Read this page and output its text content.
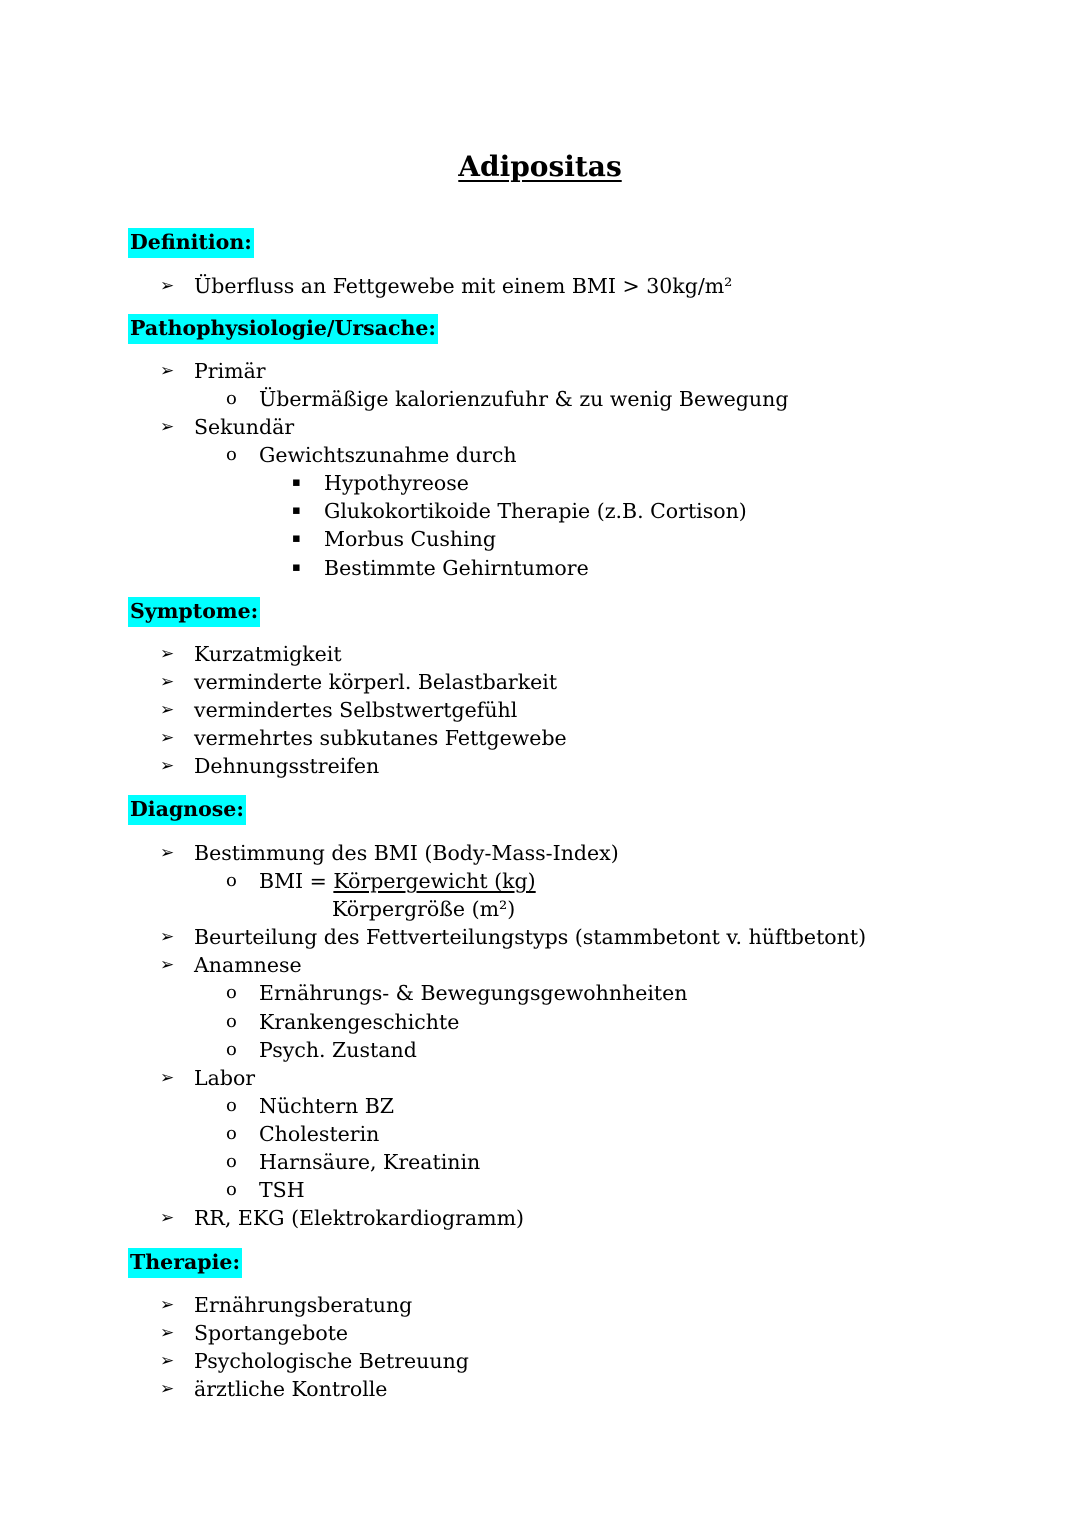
Adipositas
Definition:
➢ Überfluss an Fettgewebe mit einem BMI > 30kg/m²
Pathophysiologie/Ursache:
➢ Primär
o Übermäßige kalorienzufuhr & zu wenig Bewegung
➢ Sekundär
o Gewichtszunahme durch
▪ Hypothyreose
▪ Glukokortikoide Therapie (z.B. Cortison)
▪ Morbus Cushing
▪ Bestimmte Gehirntumore
Symptome:
➢ Kurzatmigkeit
➢ verminderte körperl. Belastbarkeit
➢ vermindertes Selbstwertgefühl
➢ vermehrtes subkutanes Fettgewebe
➢ Dehnungsstreifen
Diagnose:
➢ Bestimmung des BMI (Body-Mass-Index)
o BMI = Körpergewicht (kg)
Körpergröße (m²)
➢ Beurteilung des Fettverteilungstyps (stammbetont v. hüftbetont)
➢ Anamnese
o Ernährungs- & Bewegungsgewohnheiten
o Krankengeschichte
o Psych. Zustand
➢ Labor
o Nüchtern BZ
o Cholesterin
o Harnsäure, Kreatinin
o TSH
➢ RR, EKG (Elektrokardiogramm)
Therapie:
➢ Ernährungsberatung
➢ Sportangebote
➢ Psychologische Betreuung
➢ ärztliche Kontrolle
